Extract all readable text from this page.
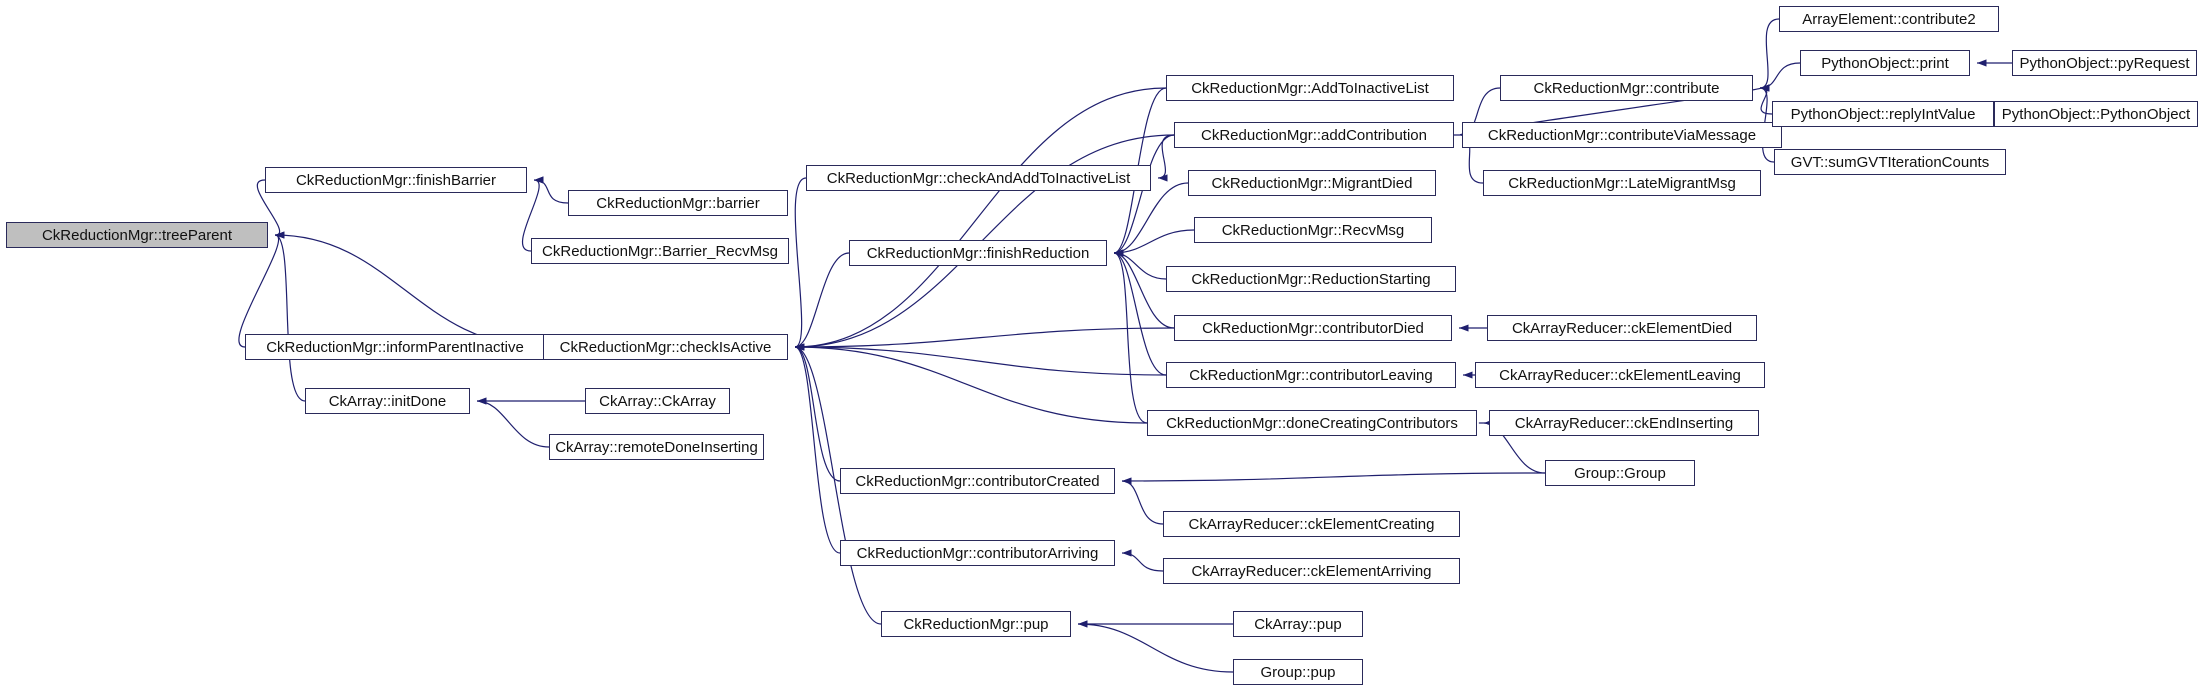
CkReductionMgr::treeParent
CkReductionMgr::finishBarrier
CkReductionMgr::informParentInactive
CkArray::initDone
CkReductionMgr::barrier
CkReductionMgr::Barrier_RecvMsg
CkReductionMgr::checkIsActive
CkArray::CkArray
CkArray::remoteDoneInserting
CkReductionMgr::checkAndAddToInactiveList
CkReductionMgr::finishReduction
CkReductionMgr::contributorCreated
CkReductionMgr::contributorArriving
CkReductionMgr::pup
CkReductionMgr::AddToInactiveList
CkReductionMgr::addContribution
CkReductionMgr::MigrantDied
CkReductionMgr::RecvMsg
CkReductionMgr::ReductionStarting
CkReductionMgr::contributorDied
CkReductionMgr::contributorLeaving
CkReductionMgr::doneCreatingContributors
CkArrayReducer::ckElementCreating
CkArrayReducer::ckElementArriving
CkArray::pup
Group::pup
CkReductionMgr::contribute
CkReductionMgr::contributeViaMessage
CkReductionMgr::LateMigrantMsg
CkArrayReducer::ckElementDied
CkArrayReducer::ckElementLeaving
CkArrayReducer::ckEndInserting
Group::Group
ArrayElement::contribute2
PythonObject::print
PythonObject::replyIntValue
GVT::sumGVTIterationCounts
PythonObject::pyRequest
PythonObject::PythonObject
